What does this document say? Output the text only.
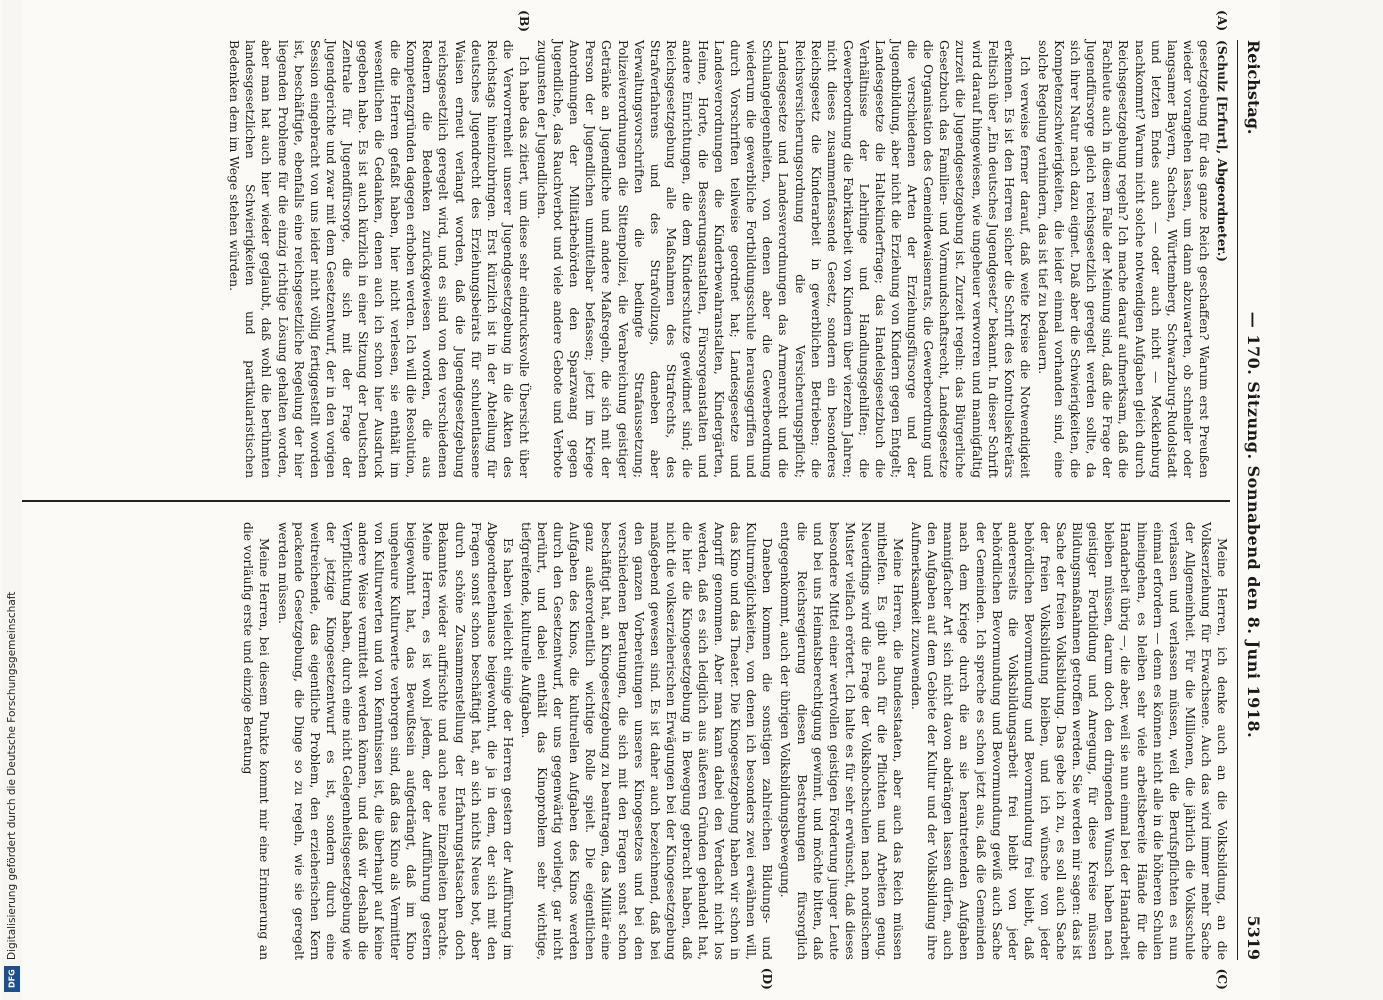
Reichstag.
— 170. Sitzung. Sonnabend den 8. Juni 1918.
5319
(A)

(Schulz [Erfurt], Abgeordneter.)

gesetzgebung für das ganze Reich geschaffen? Warum erst Preußen wieder vorangehen lassen, um dann abzuwarten, ob schneller oder langsamer Bayern, Sachsen, Württemberg, Schwarzburg-Rudolstadt und letzten Endes auch — oder auch nicht — Mecklenburg nachkommt? Warum nicht solche notwendigen Aufgaben gleich durch Reichsgesetzgebung regeln? Ich mache darauf aufmerksam, daß die Fachleute auch in diesem Falle der Meinung sind, daß die Frage der Jugendfürsorge gleich reichsgesetzlich geregelt werden sollte, da sich ihrer Natur nach dazu eignet. Daß aber die Schwierigkeiten, die Kompetenzschwierigkeiten, die leider einmal vorhanden sind, eine solche Regelung verhindern, das ist tief zu bedauern.

Ich verweise ferner darauf, daß weite Kreise die Notwendigkeit erkennen. Es ist den Herren sicher die Schrift des Kontrollsekretärs Feltisch über „Ein deutsches Jugendgesetz“ bekannt. In dieser Schrift wird darauf hingewiesen, wie ungeheuer verworren und mannigfaltig zurzeit die Jugendgesetzgebung ist. Zurzeit regeln: das Bürgerliche Gesetzbuch das Familien- und Vormundschaftsrecht, Landesgesetze die Organisation des Gemeindewaisenrats, die Gewerbeordnung und die verschiedenen Arten der Erziehungsfürsorge und der Jugendbildung, aber nicht die Erziehung von Kindern gegen Entgelt; Landesgesetze die Haltekinderfrage; das Handelsgesetzbuch die Verhältnisse der Lehrlinge und Handlungsgehilfen; die Gewerbeordnung die Fabrikarbeit von Kindern über vierzehn Jahren; nicht dieses zusammenfassende Gesetz, sondern ein besonderes Reichsgesetz die Kinderarbeit in gewerblichen Betrieben; die Reichsversicherungsordnung die Versicherungspflicht; Landesgesetze und Landesverordnungen das Armenrecht und die Schulangelegenheiten, von denen aber die Gewerbeordnung wiederum die gewerbliche Fortbildungsschule herausgegriffen und durch Vorschriften teilweise geordnet hat; Landesgesetze und Landesverordnungen die Kinderbewahranstalten, Kindergärten, Heime, Horte, die Besserungsanstalten, Fürsorgeanstalten und andere Einrichtungen, die dem Kinderschutze gewidmet sind; die Reichsgesetzgebung alle Maßnahmen des Strafrechts, des Strafverfahrens und des Strafvollzugs, daneben aber Verwaltungsvorschriften die bedingte Strafaussetzung; Polizeiverordnungen die Sittenpolizei, die Verabreichung geistiger Getränke an Jugendliche und andere Maßregeln, die sich mit der Person der Jugendlichen unmittelbar befassen; jetzt im Kriege Anordnungen der Militärbehörden den Sparzwang gegen Jugendliche, das Rauchverbot und viele andere Gebote und Verbote zugunsten der Jugendlichen.

(B)

Ich habe das zitiert, um diese sehr eindrucksvolle Übersicht über die Verworrenheit unserer Jugendgesetzgebung in die Akten des Reichstags hineinzubringen. Erst kürzlich ist in der Abteilung für deutsches Jugendrecht des Erziehungsbeirats für schulentlassene Waisen erneut verlangt worden, daß die Jugendgesetzgebung reichsgesetzlich geregelt wird, und es sind von den verschiedenen Rednern die Bedenken zurückgewiesen worden, die aus Kompetenzgründen dagegen erhoben werden. Ich will die Resolution, die die Herren gefaßt haben, hier nicht verlesen, sie enthält im wesentlichen die Gedanken, denen auch ich schon hier Ausdruck gegeben habe. Es ist auch kürzlich in einer Sitzung der Deutschen Zentrale für Jugendfürsorge, die sich mit der Frage der Jugendgerichte und zwar mit dem Gesetzentwurf, der in den vorigen Session eingebracht von uns leider nicht völlig fertiggestellt worden ist, beschäftigte, ebenfalls eine reichsgesetzliche Regelung der hier liegenden Probleme für die einzig richtige Lösung gehalten worden, aber man hat auch hier wieder geglaubt, daß wohl die berühmten landesgesetzlichen Schwierigkeiten und partikularistischen Bedenken dem im Wege stehen würden.

(C)

Meine Herren, ich denke auch an die Volksbildung, an die Volkserziehung für Erwachsene. Auch das wird immer mehr Sache der Allgemeinheit. Für die Millionen, die jährlich die Volksschule verlassen und verlassen müssen, weil die Berufspflichten es nun einmal erfordern — denn es können nicht alle in die höheren Schulen hineingehen, es bleiben sehr viele arbeitsbereite Hände für die Handarbeit übrig —, die aber, weil sie nun einmal bei der Handarbeit bleiben müssen, darum doch den dringenden Wunsch haben nach geistiger Fortbildung und Anregung, für diese Kreise müssen Bildungsmaßnahmen getroffen werden. Sie werden mir sagen: das ist Sache der freien Volksbildung. Das gebe ich zu, es soll auch Sache der freien Volksbildung bleiben, und ich wünsche von jeder behördlichen Bevormundung und Bevormundung frei bleibt, daß andererseits die Volksbildungsarbeit frei bleibt von jeder behördlichen Bevormundung und Bevormundung gewiß auch Sache der Gemeinden. Ich spreche es schon jetzt aus, daß die Gemeinden nach dem Kriege durch die an sie herantretenden Aufgaben mannigfacher Art sich nicht davon abdrängen lassen dürfen, auch den Aufgaben auf dem Gebiete der Kultur und der Volksbildung ihre Aufmerksamkeit zuzuwenden.

Meine Herren, die Bundesstaaten, aber auch das Reich müssen mithelfen. Es gibt auch für die Pflichten und Arbeiten genug. Neuerdings wird die Frage der Volkshochschulen nach nordischem Muster vielfach erörtert. Ich halte es für sehr erwünscht, daß dieses besondere Mittel einer wertvollen geistigen Förderung junger Leute und bei uns Heimatsberechtigung gewinnt, und möchte bitten, daß die Reichsregierung diesen Bestrebungen fürsorglich entgegenkommt, auch der übrigen Volksbildungsbewegung.

(D)

Daneben kommen die sonstigen zahlreichen Bildungs- und Kulturmöglichkeiten, von denen ich besonders zwei erwähnen will, das Kino und das Theater. Die Kinogesetzgebung haben wir schon in Angriff genommen. Aber man kann dabei den Verdacht nicht los werden, daß es sich lediglich aus äußeren Gründen gehandelt hat, die hier die Kinogesetzgebung in Bewegung gebracht haben, daß nicht die volkserzieherischen Erwägungen bei der Kinogesetzgebung maßgebend gewesen sind. Es ist daher auch bezeichnend, daß bei den ganzen Vorbereitungen unseres Kinogesetzes und bei den verschiedenen Beratungen, die sich mit den Fragen sonst schon beschäftigt hat, an Kinogesetzgebung zu beantragen, das Militär eine ganz außerordentlich wichtige Rolle spielt. Die eigentlichen Aufgaben des Kinos, die kulturellen Aufgaben des Kinos werden durch den Gesetzentwurf, der uns gegenwärtig vorliegt, gar nicht berührt, und dabei enthält das Kinoproblem sehr wichtige, tiefgreifende, kulturelle Aufgaben.

Es haben vielleicht einige der Herren gestern der Aufführung im Abgeordnetenhause beigewohnt, die ja in dem, der sich mit den Fragen sonst schon beschäftigt hat, an sich nichts Neues bot, aber durch schöne Zusammenstellung der Erfahrungstatsachen doch Bekanntes wieder auffrischte und auch neue Einzelheiten brachte. Meine Herren, es ist wohl jedem, der der Aufführung gestern beigewohnt hat, das Bewußtsein aufgedrängt, daß im Kino ungeheure Kulturwerte verborgen sind, daß das Kino als Vermittler von Kulturwerten und von Kenntnissen ist, die überhaupt auf keine andere Weise vermittelt werden können, und daß wir deshalb die Verpflichtung haben, durch eine nicht Gelegenheitsgesetzgebung wie der jetzige Kinogesetzentwurf es ist, sondern durch eine weitreichende, das eigentliche Problem, den erzieherischen Kern packende Gesetzgebung, die Dinge so zu regeln, wie sie geregelt werden müssen.

Meine Herren, bei diesem Punkte kommt mir eine Erinnerung an die vorläufig erste und einzige Beratung

Digitalisierung gefördert durch die Deutsche Forschungsgemeinschaft
DFG
